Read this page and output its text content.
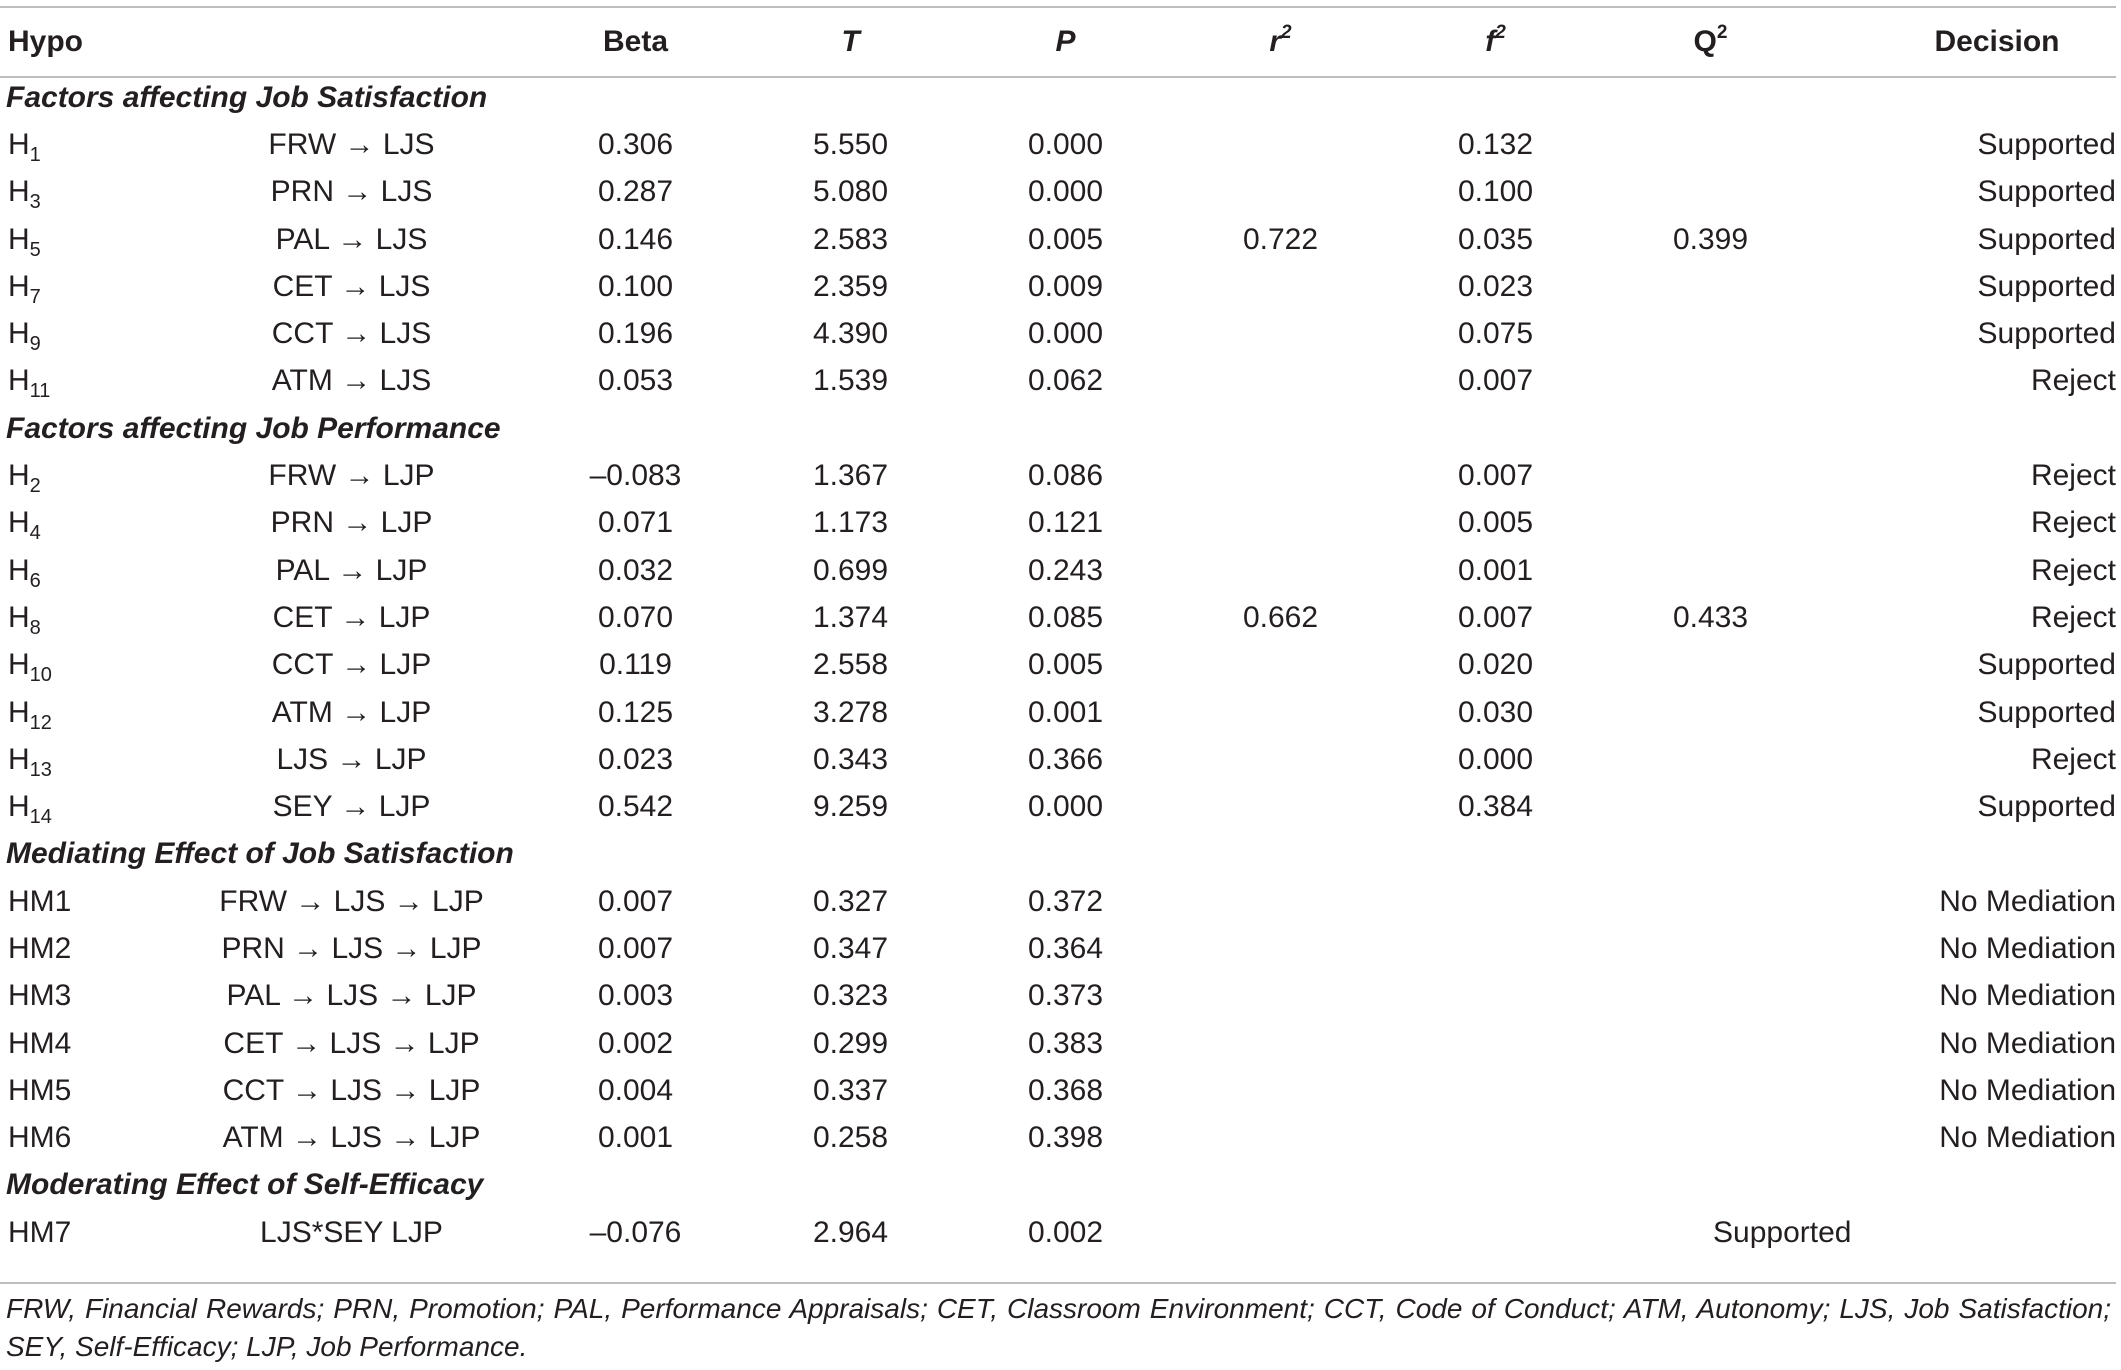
Hypo		Beta	T	P	$r^2$	$f^2$	$Q^2$	Decision
Factors affecting Job Satisfaction								
$H_1$	FRW → LJS	0.306	5.550	0.000		0.132		Supported
$H_3$	PRN → LJS	0.287	5.080	0.000		0.100		Supported
$H_5$	PAL → LJS	0.146	2.583	0.005	0.722	0.035	0.399	Supported
$H_7$	CET → LJS	0.100	2.359	0.009		0.023		Supported
$H_9$	CCT → LJS	0.196	4.390	0.000		0.075		Supported
$H_{11}$	ATM → LJS	0.053	1.539	0.062		0.007		Reject
Factors affecting Job Performance								
$H_2$	FRW → LJP	–0.083	1.367	0.086		0.007		Reject
$H_4$	PRN → LJP	0.071	1.173	0.121		0.005		Reject
$H_6$	PAL → LJP	0.032	0.699	0.243		0.001		Reject
$H_8$	CET → LJP	0.070	1.374	0.085	0.662	0.007	0.433	Reject
$H_{10}$	CCT → LJP	0.119	2.558	0.005		0.020		Supported
$H_{12}$	ATM → LJP	0.125	3.278	0.001		0.030		Supported
$H_{13}$	LJS → LJP	0.023	0.343	0.366		0.000		Reject
$H_{14}$	SEY → LJP	0.542	9.259	0.000		0.384		Supported
Mediating Effect of Job Satisfaction								
HM1	FRW → LJS → LJP	0.007	0.327	0.372				No Mediation
HM2	PRN → LJS → LJP	0.007	0.347	0.364				No Mediation
HM3	PAL → LJS → LJP	0.003	0.323	0.373				No Mediation
HM4	CET → LJS → LJP	0.002	0.299	0.383				No Mediation
HM5	CCT → LJS → LJP	0.004	0.337	0.368				No Mediation
HM6	ATM → LJS → LJP	0.001	0.258	0.398				No Mediation
Moderating Effect of Self-Efficacy								
HM7	LJS*SEY LJP	–0.076	2.964	0.002			Supported	
FRW, Financial Rewards; PRN, Promotion; PAL, Performance Appraisals; CET, Classroom Environment; CCT, Code of Conduct; ATM, Autonomy; LJS, Job Satisfaction; SEY, Self-Efficacy; LJP, Job Performance.
